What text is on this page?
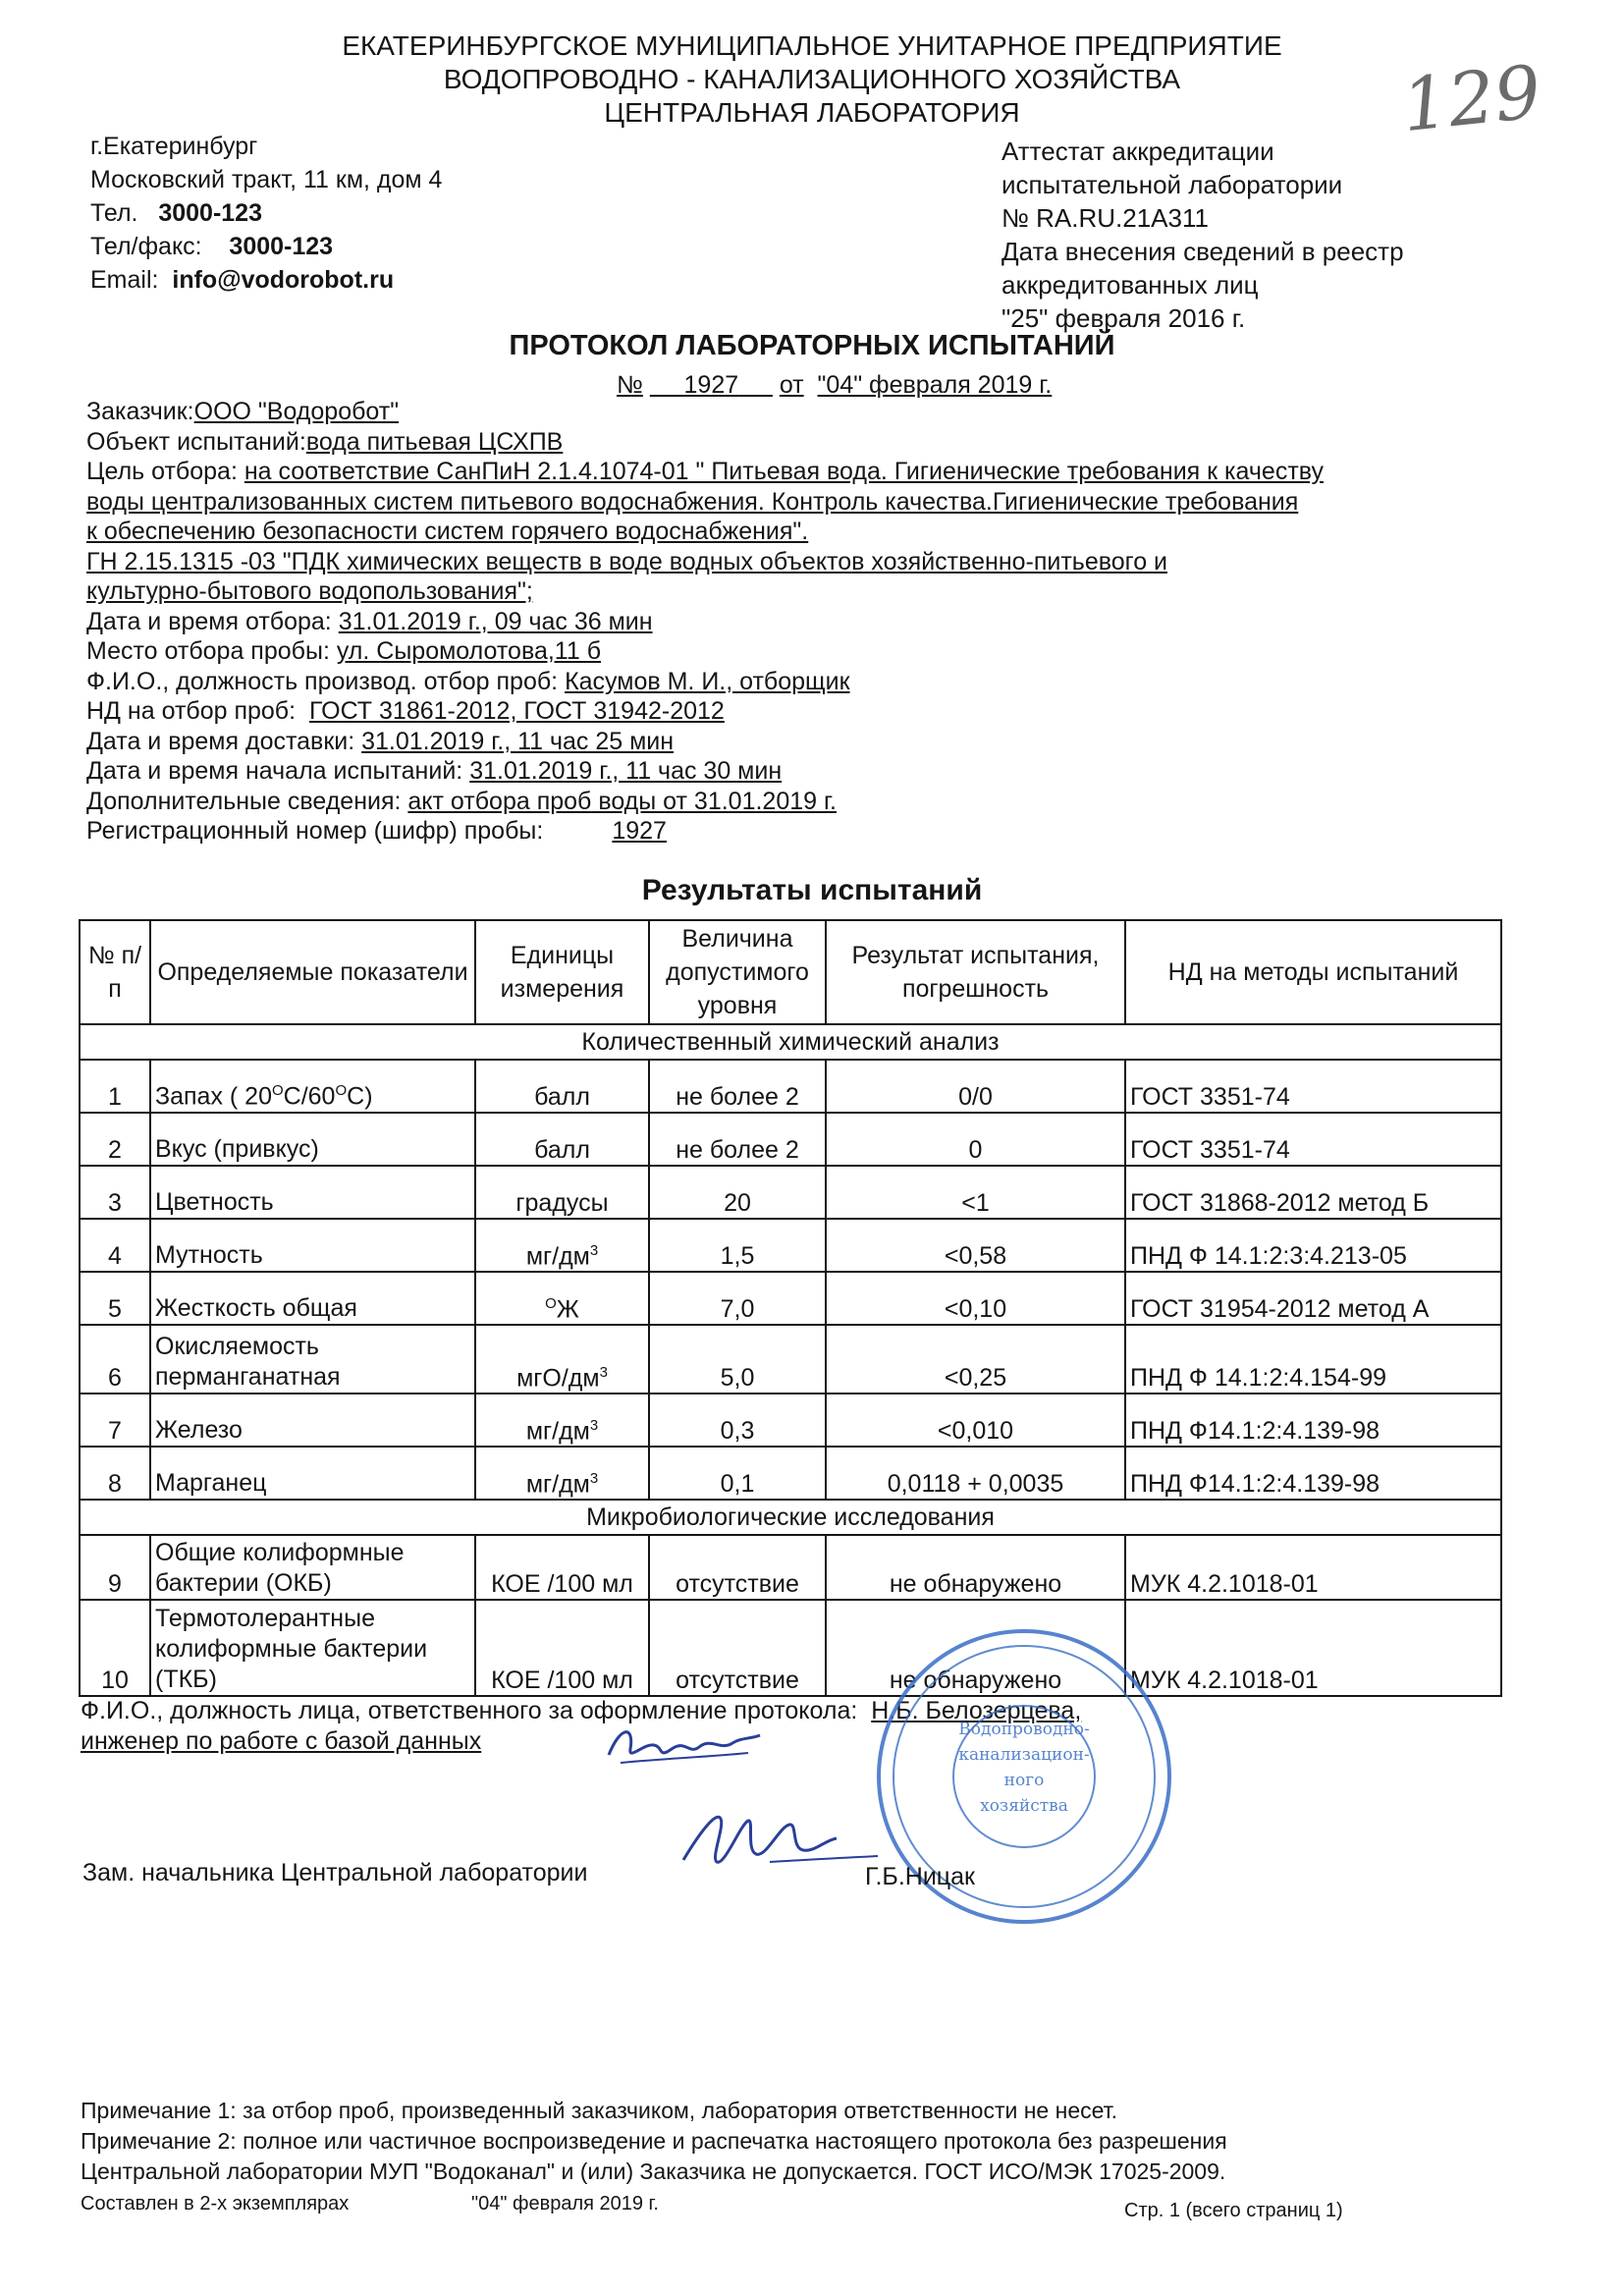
ЕКАТЕРИНБУРГСКОЕ МУНИЦИПАЛЬНОЕ УНИТАРНОЕ ПРЕДПРИЯТИЕ
ВОДОПРОВОДНО - КАНАЛИЗАЦИОННОГО ХОЗЯЙСТВА
ЦЕНТРАЛЬНАЯ ЛАБОРАТОРИЯ	129
г.Екатеринбург
Московский тракт, 11 км, дом 4
Тел. 3000-123
Тел/факс: 3000-123
Email: info@vodorobot.ru
Аттестат аккредитации
испытательной лаборатории
№ RA.RU.21A311
Дата внесения сведений в реестр
аккредитованных лиц
"25" февраля 2016 г.
ПРОТОКОЛ ЛАБОРАТОРНЫХ ИСПЫТАНИЙ
№ 1927 от "04" февраля 2019 г.
Заказчик:ООО "Водоробот"
Объект испытаний:вода питьевая ЦСХПВ
Цель отбора: на соответствие СанПиН 2.1.4.1074-01 " Питьевая вода. Гигиенические требования к качеству
воды централизованных систем питьевого водоснабжения. Контроль качества.Гигиенические требования
к обеспечению безопасности систем горячего водоснабжения".
ГН 2.15.1315 -03 "ПДК химических веществ в воде водных объектов хозяйственно-питьевого и
культурно-бытового водопользования";
Дата и время отбора: 31.01.2019 г., 09 час 36 мин
Место отбора пробы: ул. Сыромолотова,11 б
Ф.И.О., должность производ. отбор проб: Касумов М. И., отборщик
НД на отбор проб: ГОСТ 31861-2012, ГОСТ 31942-2012
Дата и время доставки: 31.01.2019 г., 11 час 25 мин
Дата и время начала испытаний: 31.01.2019 г., 11 час 30 мин
Дополнительные сведения: акт отбора проб воды от 31.01.2019 г.
Регистрационный номер (шифр) пробы:	1927
Результаты испытаний
№ п/п	Определяемые показатели	Единицы измерения	Величина допустимого уровня	Результат испытания, погрешность	НД на методы испытаний
Количественный химический анализ					
1	Запах ( $20^ОС/60^ОС$)	балл	не более 2	0/0	ГОСТ 3351-74
2	Вкус (привкус)	балл	не более 2	0	ГОСТ 3351-74
3	Цветность	градусы	20	<1	ГОСТ 31868-2012 метод Б
4	Мутность	$мг/дм^3$	1,5	<0,58	ПНД Ф 14.1:2:3:4.213-05
5	Жесткость общая	$^О$Ж	7,0	<0,10	ГОСТ 31954-2012 метод А
6	Окисляемость
перманганатная	мгО/$дм^3$	5,0	<0,25	ПНД Ф 14.1:2:4.154-99
7	Железо	$мг/дм^3$	0,3	<0,010	ПНД Ф14.1:2:4.139-98
8	Марганец	$мг/дм^3$	0,1	0,0118 + 0,0035	ПНД Ф14.1:2:4.139-98
Микробиологические исследования					
9	Общие колиформные
бактерии (ОКБ)	КОЕ /100 мл	отсутствие	не обнаружено	МУК 4.2.1018-01
10	Термотолерантные
колиформные бактерии
(ТКБ)	КОЕ /100 мл	отсутствие	не обнаружено	МУК 4.2.1018-01
Ф.И.О., должность лица, ответственного за оформление протокола: Н.Б. Белозерцева,
инженер по работе с базой данных	Водопроводно-
канализацион-
ного
хозяйства
Зам. начальника Центральной лаборатории	Г.Б.Ницак
Примечание 1: за отбор проб, произведенный заказчиком, лаборатория ответственности не несет.
Примечание 2: полное или частичное воспроизведение и распечатка настоящего протокола без разрешения
Центральной лаборатории МУП "Водоканал" и (или) Заказчика не допускается. ГОСТ ИСО/МЭК 17025-2009.
Составлен в 2-х экземплярах	"04" февраля 2019 г.	Стр. 1 (всего страниц 1)
